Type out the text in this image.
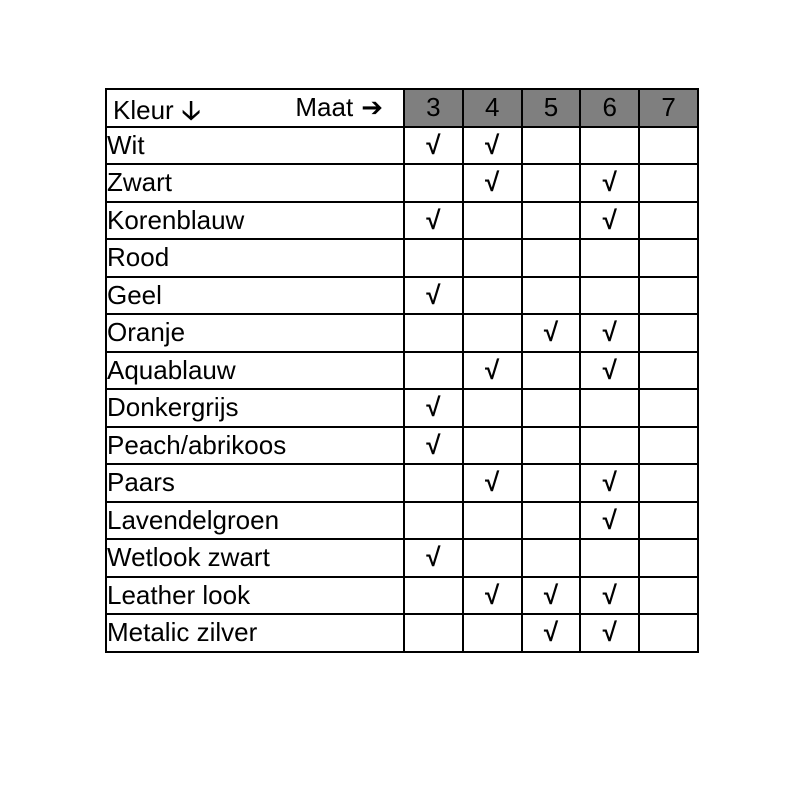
Kleur 🡣 Maat ➔	3	4	5	6	7
Wit	√	√			
Zwart		√		√	
Korenblauw	√			√	
Rood					
Geel	√				
Oranje			√	√	
Aquablauw		√		√	
Donkergrijs	√				
Peach/abrikoos	√				
Paars		√		√	
Lavendelgroen				√	
Wetlook zwart	√				
Leather look		√	√	√	
Metalic zilver			√	√	
